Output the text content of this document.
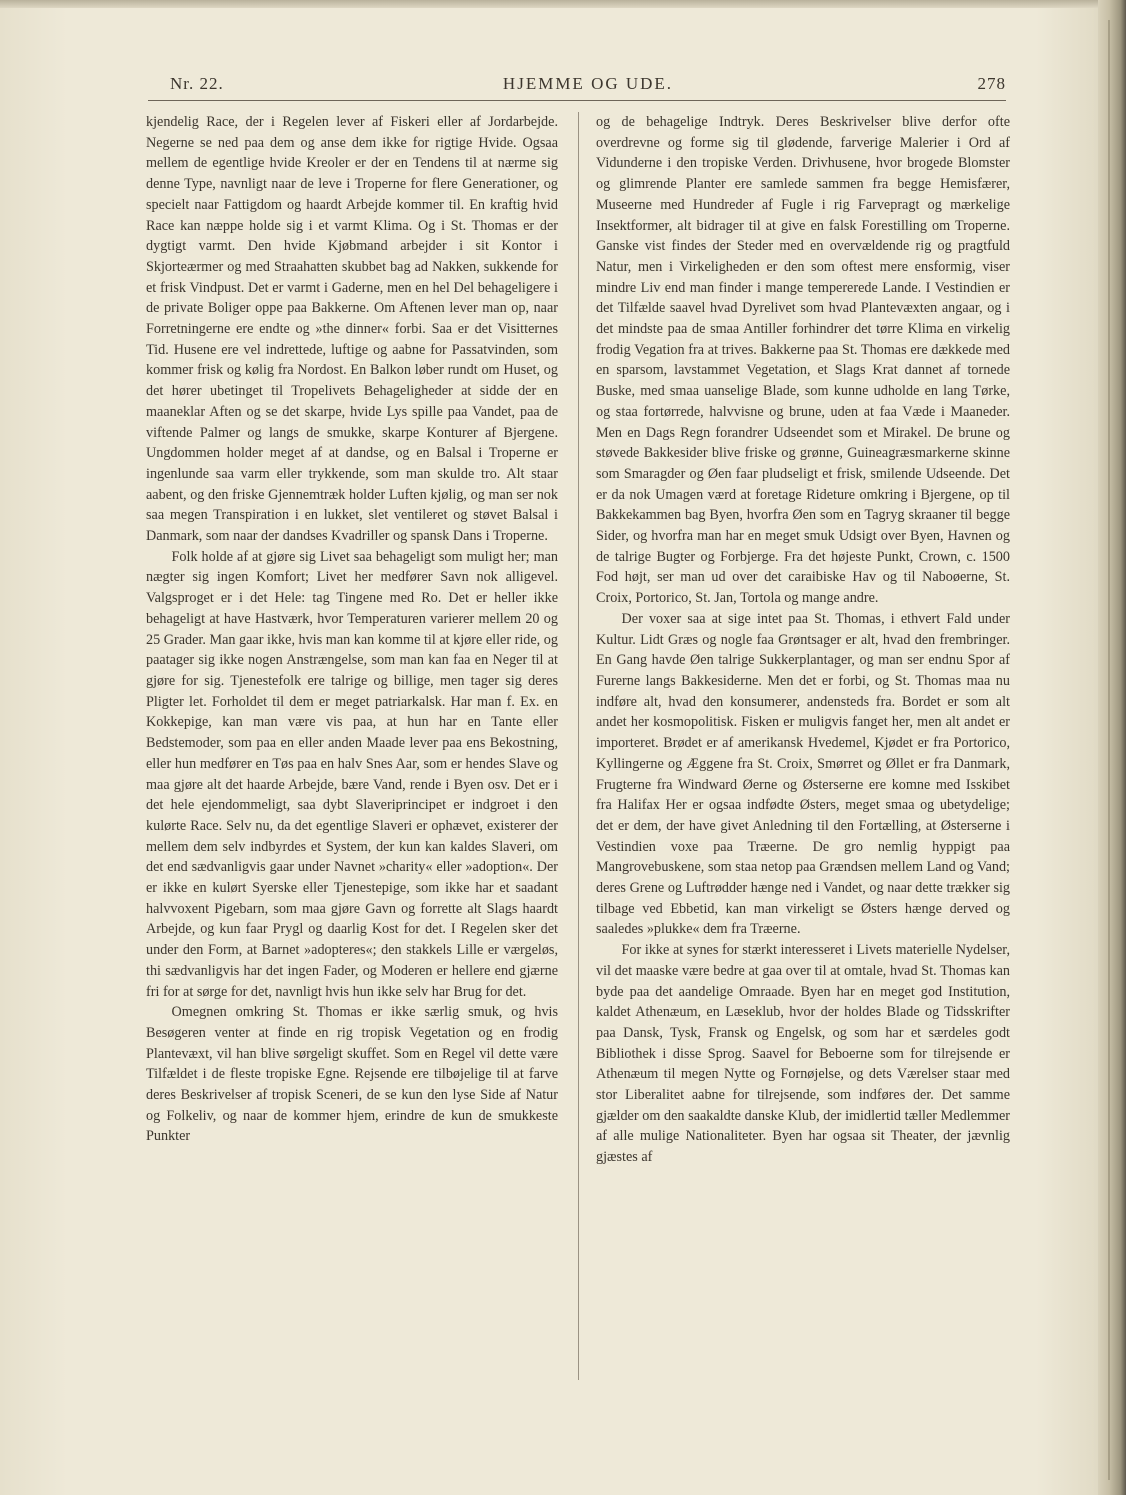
Nr. 22.	HJEMME OG UDE.	278

kjendelig Race, der i Regelen lever af Fiskeri eller af Jordarbejde. Negerne se ned paa dem og anse dem ikke for rigtige Hvide. Ogsaa mellem de egentlige hvide Kreoler er der en Tendens til at nærme sig denne Type, navnligt naar de leve i Troperne for flere Generationer, og specielt naar Fattigdom og haardt Arbejde kommer til. En kraftig hvid Race kan næppe holde sig i et varmt Klima. Og i St. Thomas er der dygtigt varmt. Den hvide Kjøbmand arbejder i sit Kontor i Skjorteærmer og med Straahatten skubbet bag ad Nakken, sukkende for et frisk Vindpust. Det er varmt i Gaderne, men en hel Del behageligere i de private Boliger oppe paa Bakkerne. Om Aftenen lever man op, naar Forretningerne ere endte og »the dinner« forbi. Saa er det Visitternes Tid. Husene ere vel indrettede, luftige og aabne for Passatvinden, som kommer frisk og kølig fra Nordost. En Balkon løber rundt om Huset, og det hører ubetinget til Tropelivets Behageligheder at sidde der en maaneklar Aften og se det skarpe, hvide Lys spille paa Vandet, paa de viftende Palmer og langs de smukke, skarpe Konturer af Bjergene. Ungdommen holder meget af at dandse, og en Balsal i Troperne er ingenlunde saa varm eller trykkende, som man skulde tro. Alt staar aabent, og den friske Gjennemtræk holder Luften kjølig, og man ser nok saa megen Transpiration i en lukket, slet ventileret og støvet Balsal i Danmark, som naar der dandses Kvadriller og spansk Dans i Troperne.

Folk holde af at gjøre sig Livet saa behageligt som muligt her; man nægter sig ingen Komfort; Livet her medfører Savn nok alligevel. Valgsproget er i det Hele: tag Tingene med Ro. Det er heller ikke behageligt at have Hastværk, hvor Temperaturen varierer mellem 20 og 25 Grader. Man gaar ikke, hvis man kan komme til at kjøre eller ride, og paatager sig ikke nogen Anstrængelse, som man kan faa en Neger til at gjøre for sig. Tjenestefolk ere talrige og billige, men tager sig deres Pligter let. Forholdet til dem er meget patriarkalsk. Har man f. Ex. en Kokkepige, kan man være vis paa, at hun har en Tante eller Bedstemoder, som paa en eller anden Maade lever paa ens Bekostning, eller hun medfører en Tøs paa en halv Snes Aar, som er hendes Slave og maa gjøre alt det haarde Arbejde, bære Vand, rende i Byen osv. Det er i det hele ejendommeligt, saa dybt Slaveriprincipet er indgroet i den kulørte Race. Selv nu, da det egentlige Slaveri er ophævet, existerer der mellem dem selv indbyrdes et System, der kun kan kaldes Slaveri, om det end sædvanligvis gaar under Navnet »charity« eller »adoption«. Der er ikke en kulørt Syerske eller Tjenestepige, som ikke har et saadant halvvoxent Pigebarn, som maa gjøre Gavn og forrette alt Slags haardt Arbejde, og kun faar Prygl og daarlig Kost for det. I Regelen sker det under den Form, at Barnet »adopteres«; den stakkels Lille er værgeløs, thi sædvanligvis har det ingen Fader, og Moderen er hellere end gjærne fri for at sørge for det, navnligt hvis hun ikke selv har Brug for det.

Omegnen omkring St. Thomas er ikke særlig smuk, og hvis Besøgeren venter at finde en rig tropisk Vegetation og en frodig Plantevæxt, vil han blive sørgeligt skuffet. Som en Regel vil dette være Tilfældet i de fleste tropiske Egne. Rejsende ere tilbøjelige til at farve deres Beskrivelser af tropisk Sceneri, de se kun den lyse Side af Natur og Folkeliv, og naar de kommer hjem, erindre de kun de smukkeste Punkter

og de behagelige Indtryk. Deres Beskrivelser blive derfor ofte overdrevne og forme sig til glødende, farverige Malerier i Ord af Vidunderne i den tropiske Verden. Drivhusene, hvor brogede Blomster og glimrende Planter ere samlede sammen fra begge Hemisfærer, Museerne med Hundreder af Fugle i rig Farvepragt og mærkelige Insektformer, alt bidrager til at give en falsk Forestilling om Troperne. Ganske vist findes der Steder med en overvældende rig og pragtfuld Natur, men i Virkeligheden er den som oftest mere ensformig, viser mindre Liv end man finder i mange tempererede Lande. I Vestindien er det Tilfælde saavel hvad Dyrelivet som hvad Plantevæxten angaar, og i det mindste paa de smaa Antiller forhindrer det tørre Klima en virkelig frodig Vegation fra at trives. Bakkerne paa St. Thomas ere dækkede med en sparsom, lavstammet Vegetation, et Slags Krat dannet af tornede Buske, med smaa uanselige Blade, som kunne udholde en lang Tørke, og staa fortørrede, halvvisne og brune, uden at faa Væde i Maaneder. Men en Dags Regn forandrer Udseendet som et Mirakel. De brune og støvede Bakkesider blive friske og grønne, Guineagræsmarkerne skinne som Smaragder og Øen faar pludseligt et frisk, smilende Udseende. Det er da nok Umagen værd at foretage Rideture omkring i Bjergene, op til Bakkekammen bag Byen, hvorfra Øen som en Tagryg skraaner til begge Sider, og hvorfra man har en meget smuk Udsigt over Byen, Havnen og de talrige Bugter og Forbjerge. Fra det højeste Punkt, Crown, c. 1500 Fod højt, ser man ud over det caraibiske Hav og til Naboøerne, St. Croix, Portorico, St. Jan, Tortola og mange andre.

Der voxer saa at sige intet paa St. Thomas, i ethvert Fald under Kultur. Lidt Græs og nogle faa Grøntsager er alt, hvad den frembringer. En Gang havde Øen talrige Sukkerplantager, og man ser endnu Spor af Furerne langs Bakkesiderne. Men det er forbi, og St. Thomas maa nu indføre alt, hvad den konsumerer, andensteds fra. Bordet er som alt andet her kosmopolitisk. Fisken er muligvis fanget her, men alt andet er importeret. Brødet er af amerikansk Hvedemel, Kjødet er fra Portorico, Kyllingerne og Æggene fra St. Croix, Smørret og Øllet er fra Danmark, Frugterne fra Windward Øerne og Østerserne ere komne med Isskibet fra Halifax Her er ogsaa indfødte Østers, meget smaa og ubetydelige; det er dem, der have givet Anledning til den Fortælling, at Østerserne i Vestindien voxe paa Træerne. De gro nemlig hyppigt paa Mangrovebuskene, som staa netop paa Grændsen mellem Land og Vand; deres Grene og Luftrødder hænge ned i Vandet, og naar dette trækker sig tilbage ved Ebbetid, kan man virkeligt se Østers hænge derved og saaledes »plukke« dem fra Træerne.

For ikke at synes for stærkt interesseret i Livets materielle Nydelser, vil det maaske være bedre at gaa over til at omtale, hvad St. Thomas kan byde paa det aandelige Omraade. Byen har en meget god Institution, kaldet Athenæum, en Læseklub, hvor der holdes Blade og Tidsskrifter paa Dansk, Tysk, Fransk og Engelsk, og som har et særdeles godt Bibliothek i disse Sprog. Saavel for Beboerne som for tilrejsende er Athenæum til megen Nytte og Fornøjelse, og dets Værelser staar med stor Liberalitet aabne for tilrejsende, som indføres der. Det samme gjælder om den saakaldte danske Klub, der imidlertid tæller Medlemmer af alle mulige Nationaliteter. Byen har ogsaa sit Theater, der jævnlig gjæstes af
